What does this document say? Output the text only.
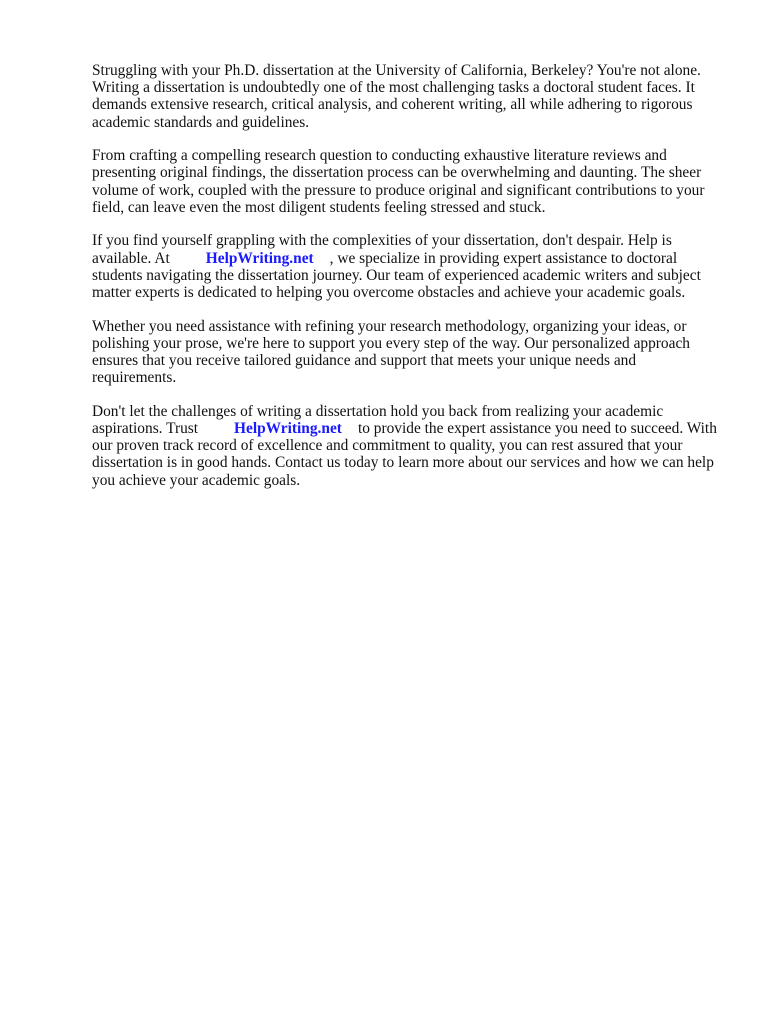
Struggling with your Ph.D. dissertation at the University of California, Berkeley? You're not alone.
Writing a dissertation is undoubtedly one of the most challenging tasks a doctoral student faces. It
demands extensive research, critical analysis, and coherent writing, all while adhering to rigorous
academic standards and guidelines.

From crafting a compelling research question to conducting exhaustive literature reviews and
presenting original findings, the dissertation process can be overwhelming and daunting. The sheer
volume of work, coupled with the pressure to produce original and significant contributions to your
field, can leave even the most diligent students feeling stressed and stuck.

If you find yourself grappling with the complexities of your dissertation, don't despair. Help is
available. At HelpWriting.net , we specialize in providing expert assistance to doctoral
students navigating the dissertation journey. Our team of experienced academic writers and subject
matter experts is dedicated to helping you overcome obstacles and achieve your academic goals.

Whether you need assistance with refining your research methodology, organizing your ideas, or
polishing your prose, we're here to support you every step of the way. Our personalized approach
ensures that you receive tailored guidance and support that meets your unique needs and
requirements.

Don't let the challenges of writing a dissertation hold you back from realizing your academic
aspirations. Trust HelpWriting.net to provide the expert assistance you need to succeed. With
our proven track record of excellence and commitment to quality, you can rest assured that your
dissertation is in good hands. Contact us today to learn more about our services and how we can help
you achieve your academic goals.
